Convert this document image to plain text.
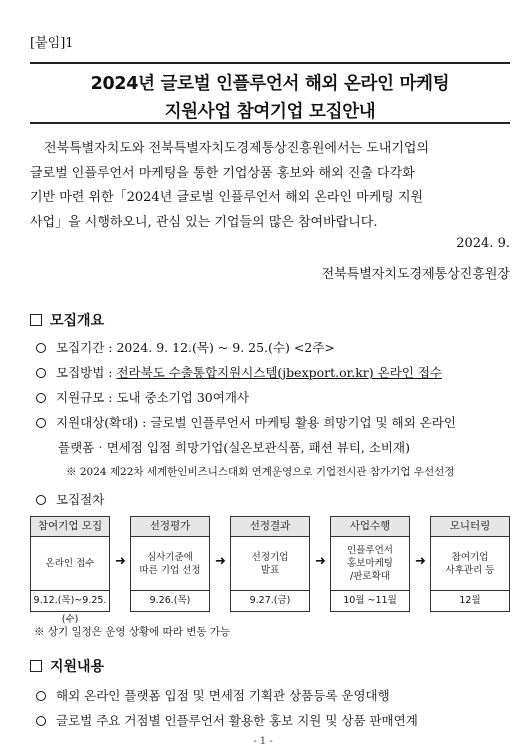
[붙임]1
2024년 글로벌 인플루언서 해외 온라인 마케팅
지원사업 참여기업 모집안내

전북특별자치도와 전북특별자치도경제통상진흥원에서는 도내기업의

글로벌 인플루언서 마케팅을 통한 기업상품 홍보와 해외 진출 다각화

기반 마련 위한「2024년 글로벌 인플루언서 해외 온라인 마케팅 지원

사업」을 시행하오니, 관심 있는 기업들의 많은 참여바랍니다.

2024. 9.
전북특별자치도경제통상진흥원장
모집개요
모집기간 : 2024. 9. 12.(목) ~ 9. 25.(수) <2주>
모집방법 : 전라북도 수출통합지원시스템(jbexport.or.kr) 온라인 접수
지원규모 : 도내 중소기업 30여개사
지원대상(확대) : 글로벌 인플루언서 마케팅 활용 희망기업 및 해외 온라인
플랫폼‧면세점 입점 희망기업(실온보관식품, 패션 뷰티, 소비재)
※ 2024 제22차 세계한인비즈니스대회 연계운영으로 기업전시관 참가기업 우선선정
모집절차
참여기업 모집
온라인 접수
9.12.(목)~9.25.(수)
➜
선정평가
심사기준에
따른 기업 선정
9.26.(목)
➜
선정결과
선정기업
발표
9.27.(금)
➜
사업수행
인플루언서
홍보마케팅
/판로확대
10월 ~11월
➜
모니터링
참여기업
사후관리 등
12월
※ 상기 일정은 운영 상황에 따라 변동 가능
지원내용
해외 온라인 플랫폼 입점 및 면세점 기획관 상품등록 운영대행
글로벌 주요 거점별 인플루언서 활용한 홍보 지원 및 상품 판매연계
- 1 -
